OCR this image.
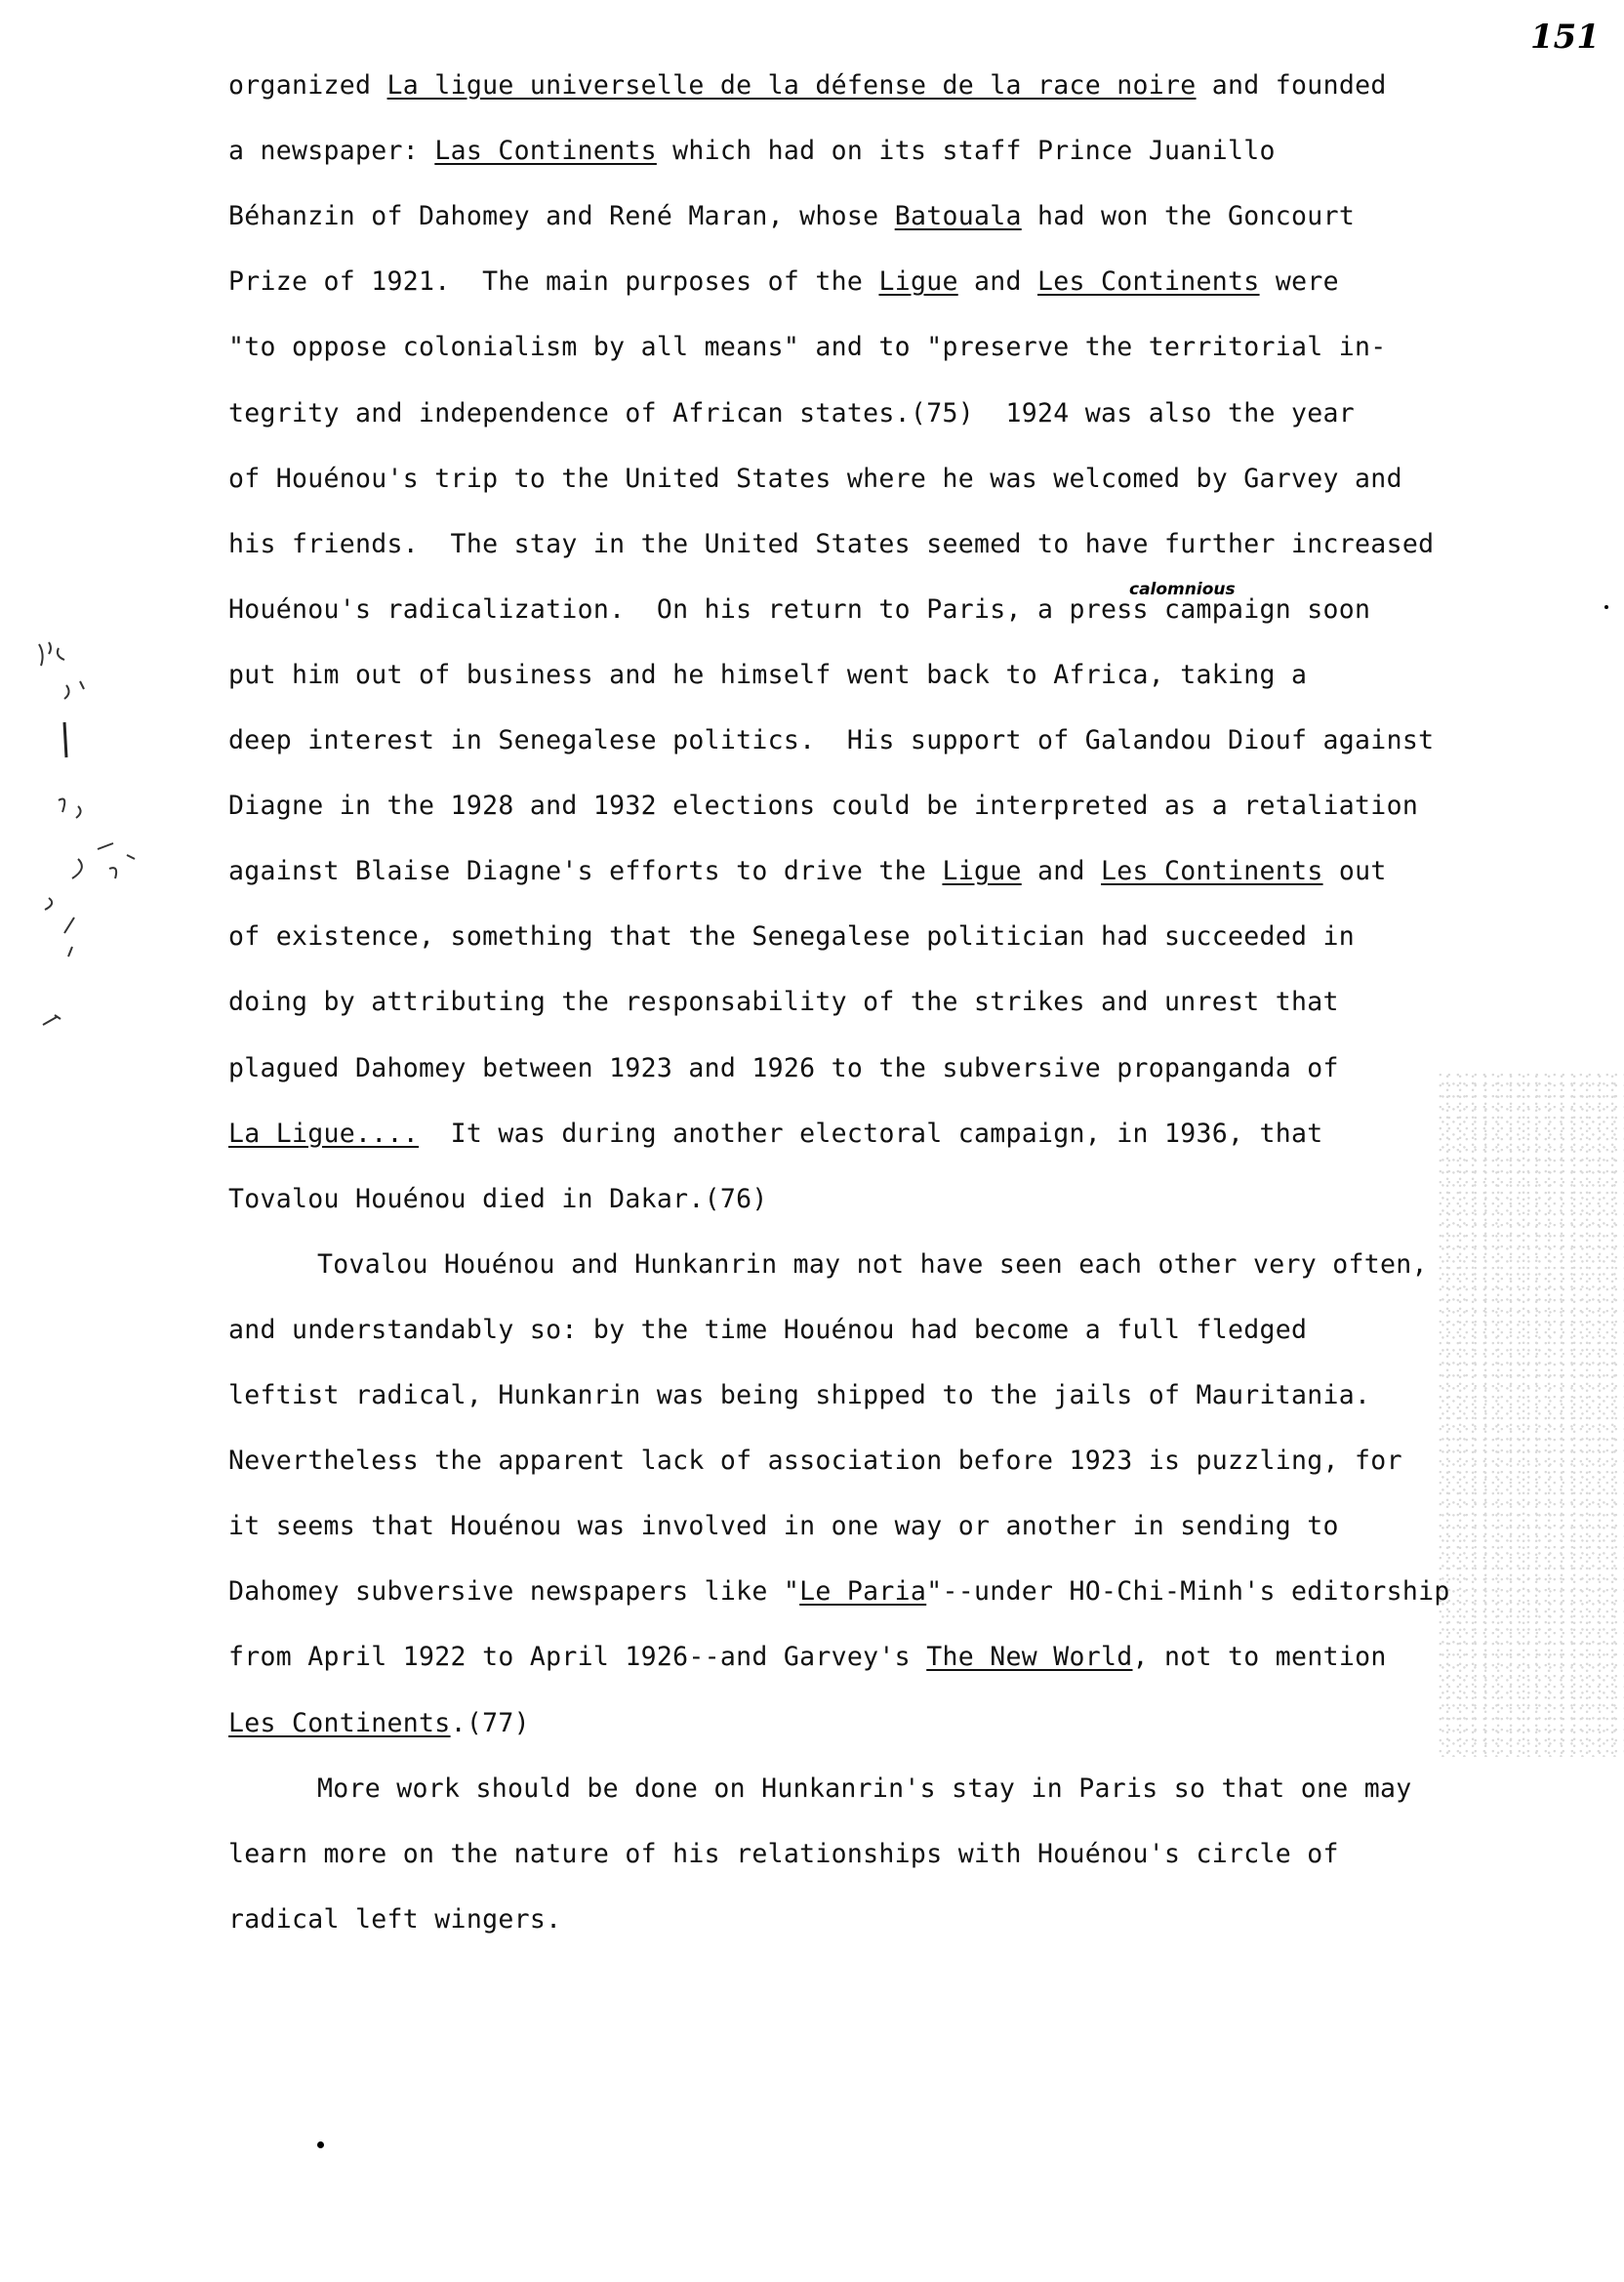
151
calomnious
organized La ligue universelle de la défense de la race noire and founded
a newspaper: Las Continents which had on its staff Prince Juanillo
Béhanzin of Dahomey and René Maran, whose Batouala had won the Goncourt
Prize of 1921.  The main purposes of the Ligue and Les Continents were
"to oppose colonialism by all means" and to "preserve the territorial in-
tegrity and independence of African states.(75)  1924 was also the year
of Houénou's trip to the United States where he was welcomed by Garvey and
his friends.  The stay in the United States seemed to have further increased
Houénou's radicalization.  On his return to Paris, a press campaign soon
put him out of business and he himself went back to Africa, taking a
deep interest in Senegalese politics.  His support of Galandou Diouf against
Diagne in the 1928 and 1932 elections could be interpreted as a retaliation
against Blaise Diagne's efforts to drive the Ligue and Les Continents out
of existence, something that the Senegalese politician had succeeded in
doing by attributing the responsability of the strikes and unrest that
plagued Dahomey between 1923 and 1926 to the subversive propanganda of
La Ligue....  It was during another electoral campaign, in 1936, that
Tovalou Houénou died in Dakar.(76)
Tovalou Houénou and Hunkanrin may not have seen each other very often,
and understandably so: by the time Houénou had become a full fledged
leftist radical, Hunkanrin was being shipped to the jails of Mauritania.
Nevertheless the apparent lack of association before 1923 is puzzling, for
it seems that Houénou was involved in one way or another in sending to
Dahomey subversive newspapers like "Le Paria"--under HO-Chi-Minh's editorship
from April 1922 to April 1926--and Garvey's The New World, not to mention
Les Continents.(77)
More work should be done on Hunkanrin's stay in Paris so that one may
learn more on the nature of his relationships with Houénou's circle of
radical left wingers.
